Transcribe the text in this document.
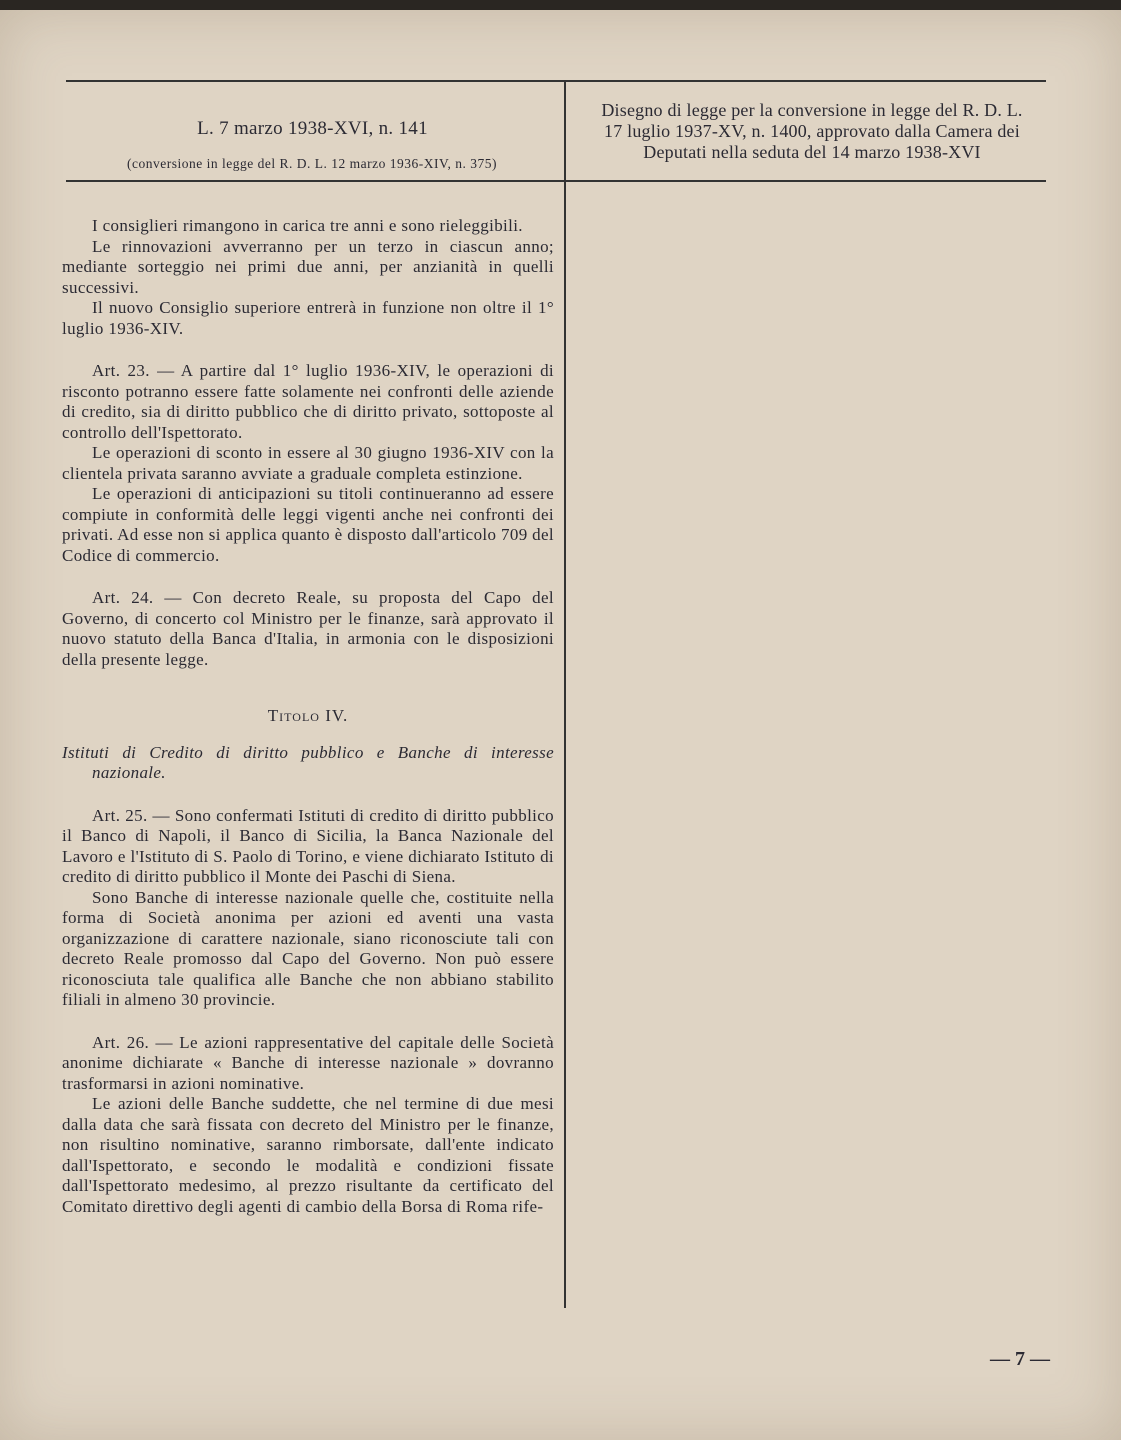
L. 7 marzo 1938-XVI, n. 141
(conversione in legge del R. D. L. 12 marzo 1936-XIV, n. 375)
Disegno di legge per la conversione in legge del R. D. L.
17 luglio 1937-XV, n. 1400, approvato dalla Camera dei
Deputati nella seduta del 14 marzo 1938-XVI

I consiglieri rimangono in carica tre anni e sono rieleggibili.

Le rinnovazioni avverranno per un terzo in ciascun anno; mediante sorteggio nei primi due anni, per anzianità in quelli successivi.

Il nuovo Consiglio superiore entrerà in funzione non oltre il 1° luglio 1936-XIV.

Art. 23. — A partire dal 1° luglio 1936-XIV, le operazioni di risconto potranno essere fatte solamente nei confronti delle aziende di credito, sia di diritto pubblico che di diritto privato, sottoposte al controllo dell'Ispettorato.

Le operazioni di sconto in essere al 30 giugno 1936-XIV con la clientela privata saranno avviate a graduale completa estinzione.

Le operazioni di anticipazioni su titoli continueranno ad essere compiute in conformità delle leggi vigenti anche nei confronti dei privati. Ad esse non si applica quanto è disposto dall'articolo 709 del Codice di commercio.

Art. 24. — Con decreto Reale, su proposta del Capo del Governo, di concerto col Ministro per le finanze, sarà approvato il nuovo statuto della Banca d'Italia, in armonia con le disposizioni della presente legge.

Titolo IV.
Istituti di Credito di diritto pubblico e Banche di interesse nazionale.

Art. 25. — Sono confermati Istituti di credito di diritto pubblico il Banco di Napoli, il Banco di Sicilia, la Banca Nazionale del Lavoro e l'Istituto di S. Paolo di Torino, e viene dichiarato Istituto di credito di diritto pubblico il Monte dei Paschi di Siena.

Sono Banche di interesse nazionale quelle che, costituite nella forma di Società anonima per azioni ed aventi una vasta organizzazione di carattere nazionale, siano riconosciute tali con decreto Reale promosso dal Capo del Governo. Non può essere riconosciuta tale qualifica alle Banche che non abbiano stabilito filiali in almeno 30 provincie.

Art. 26. — Le azioni rappresentative del capitale delle Società anonime dichiarate « Banche di interesse nazionale » dovranno trasformarsi in azioni nominative.

Le azioni delle Banche suddette, che nel termine di due mesi dalla data che sarà fissata con decreto del Ministro per le finanze, non risultino nominative, saranno rimborsate, dall'ente indicato dall'Ispettorato, e secondo le modalità e condizioni fissate dall'Ispettorato medesimo, al prezzo risultante da certificato del Comitato direttivo degli agenti di cambio della Borsa di Roma rife-

— 7 —
